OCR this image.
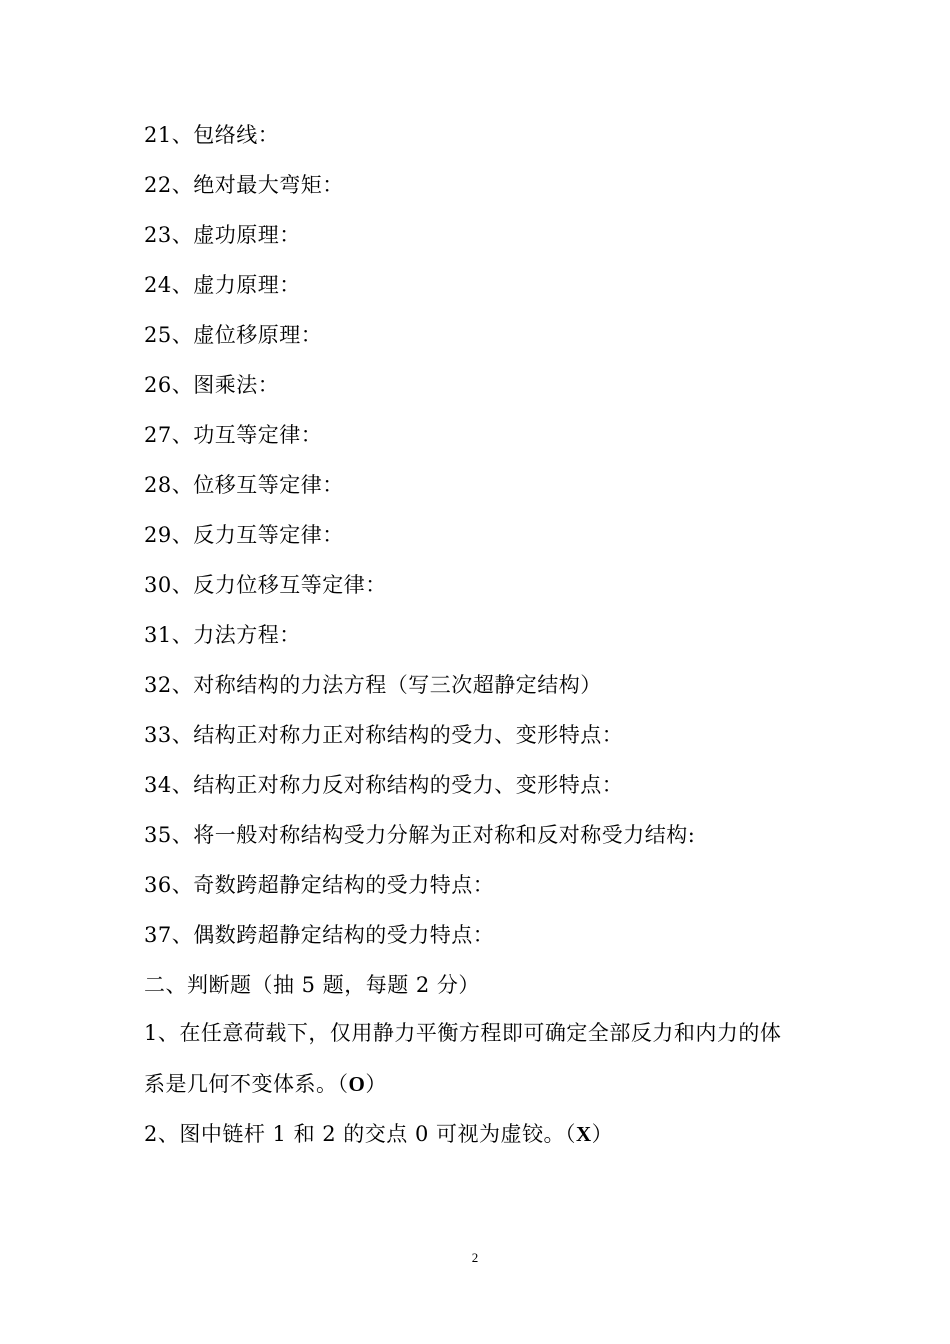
21、包络线：
22、绝对最大弯矩：
23、虚功原理：
24、虚力原理：
25、虚位移原理：
26、图乘法：
27、功互等定律：
28、位移互等定律：
29、反力互等定律：
30、反力位移互等定律：
31、力法方程：
32、对称结构的力法方程（写三次超静定结构）
33、结构正对称力正对称结构的受力、变形特点：
34、结构正对称力反对称结构的受力、变形特点：
35、将一般对称结构受力分解为正对称和反对称受力结构:
36、奇数跨超静定结构的受力特点：
37、偶数跨超静定结构的受力特点：
二、判断题（抽 5 题，每题 2 分）
1、在任意荷载下，仅用静力平衡方程即可确定全部反力和内力的体
系是几何不变体系。（O）
2、图中链杆 1 和 2 的交点 0 可视为虚铰。（X）
2
